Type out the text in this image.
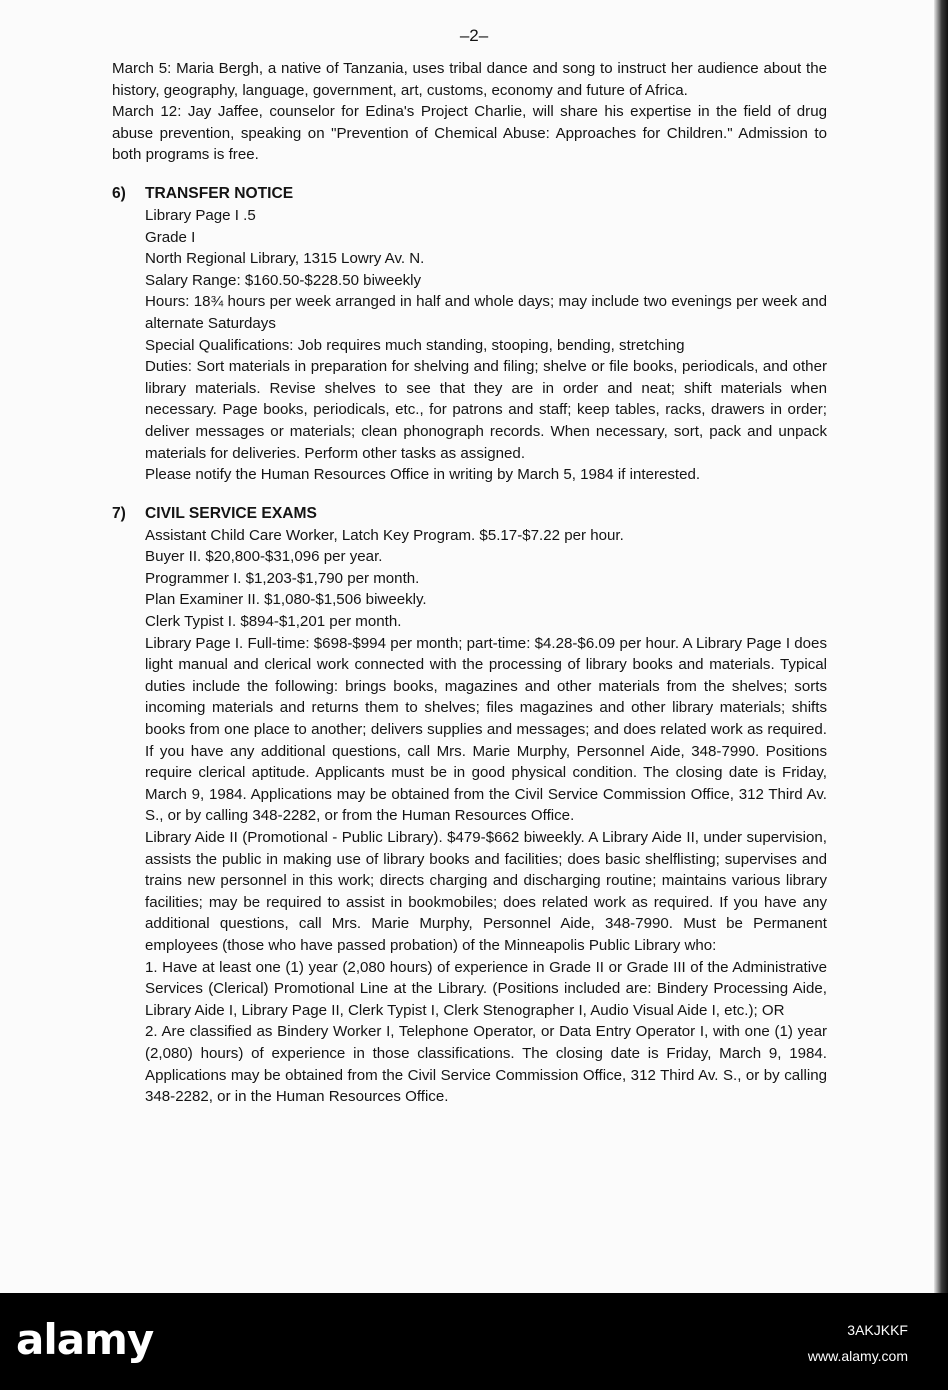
–2–

March 5: Maria Bergh, a native of Tanzania, uses tribal dance and song to instruct her audience about the history, geography, language, government, art, customs, economy and future of Africa.

March 12: Jay Jaffee, counselor for Edina's Project Charlie, will share his expertise in the field of drug abuse prevention, speaking on "Prevention of Chemical Abuse: Approaches for Children." Admission to both programs is free.

6)	TRANSFER NOTICE

Library Page I .5

Grade I

North Regional Library, 1315 Lowry Av. N.

Salary Range: $160.50-$228.50 biweekly

Hours: 18¾ hours per week arranged in half and whole days; may include two evenings per week and alternate Saturdays

Special Qualifications: Job requires much standing, stooping, bending, stretching

Duties: Sort materials in preparation for shelving and filing; shelve or file books, periodicals, and other library materials. Revise shelves to see that they are in order and neat; shift materials when necessary. Page books, periodicals, etc., for patrons and staff; keep tables, racks, drawers in order; deliver messages or materials; clean phonograph records. When necessary, sort, pack and unpack materials for deliveries. Perform other tasks as assigned.

Please notify the Human Resources Office in writing by March 5, 1984 if interested.

7)	CIVIL SERVICE EXAMS

Assistant Child Care Worker, Latch Key Program. $5.17-$7.22 per hour.

Buyer II. $20,800-$31,096 per year.

Programmer I. $1,203-$1,790 per month.

Plan Examiner II. $1,080-$1,506 biweekly.

Clerk Typist I. $894-$1,201 per month.

Library Page I. Full-time: $698-$994 per month; part-time: $4.28-$6.09 per hour. A Library Page I does light manual and clerical work connected with the processing of library books and materials. Typical duties include the following: brings books, magazines and other materials from the shelves; sorts incoming materials and returns them to shelves; files magazines and other library materials; shifts books from one place to another; delivers supplies and messages; and does related work as required. If you have any additional questions, call Mrs. Marie Murphy, Personnel Aide, 348-7990. Positions require clerical aptitude. Applicants must be in good physical condition. The closing date is Friday, March 9, 1984. Applications may be obtained from the Civil Service Commission Office, 312 Third Av. S., or by calling 348-2282, or from the Human Resources Office.

Library Aide II (Promotional - Public Library). $479-$662 biweekly. A Library Aide II, under supervision, assists the public in making use of library books and facilities; does basic shelflisting; supervises and trains new personnel in this work; directs charging and discharging routine; maintains various library facilities; may be required to assist in bookmobiles; does related work as required. If you have any additional questions, call Mrs. Marie Murphy, Personnel Aide, 348-7990. Must be Permanent employees (those who have passed probation) of the Minneapolis Public Library who:

1. Have at least one (1) year (2,080 hours) of experience in Grade II or Grade III of the Administrative Services (Clerical) Promotional Line at the Library. (Positions included are: Bindery Processing Aide, Library Aide I, Library Page II, Clerk Typist I, Clerk Stenographer I, Audio Visual Aide I, etc.); OR

2. Are classified as Bindery Worker I, Telephone Operator, or Data Entry Operator I, with one (1) year (2,080) hours) of experience in those classifications. The closing date is Friday, March 9, 1984. Applications may be obtained from the Civil Service Commission Office, 312 Third Av. S., or by calling 348-2282, or in the Human Resources Office.

alamy	3AKJKKF
www.alamy.com
